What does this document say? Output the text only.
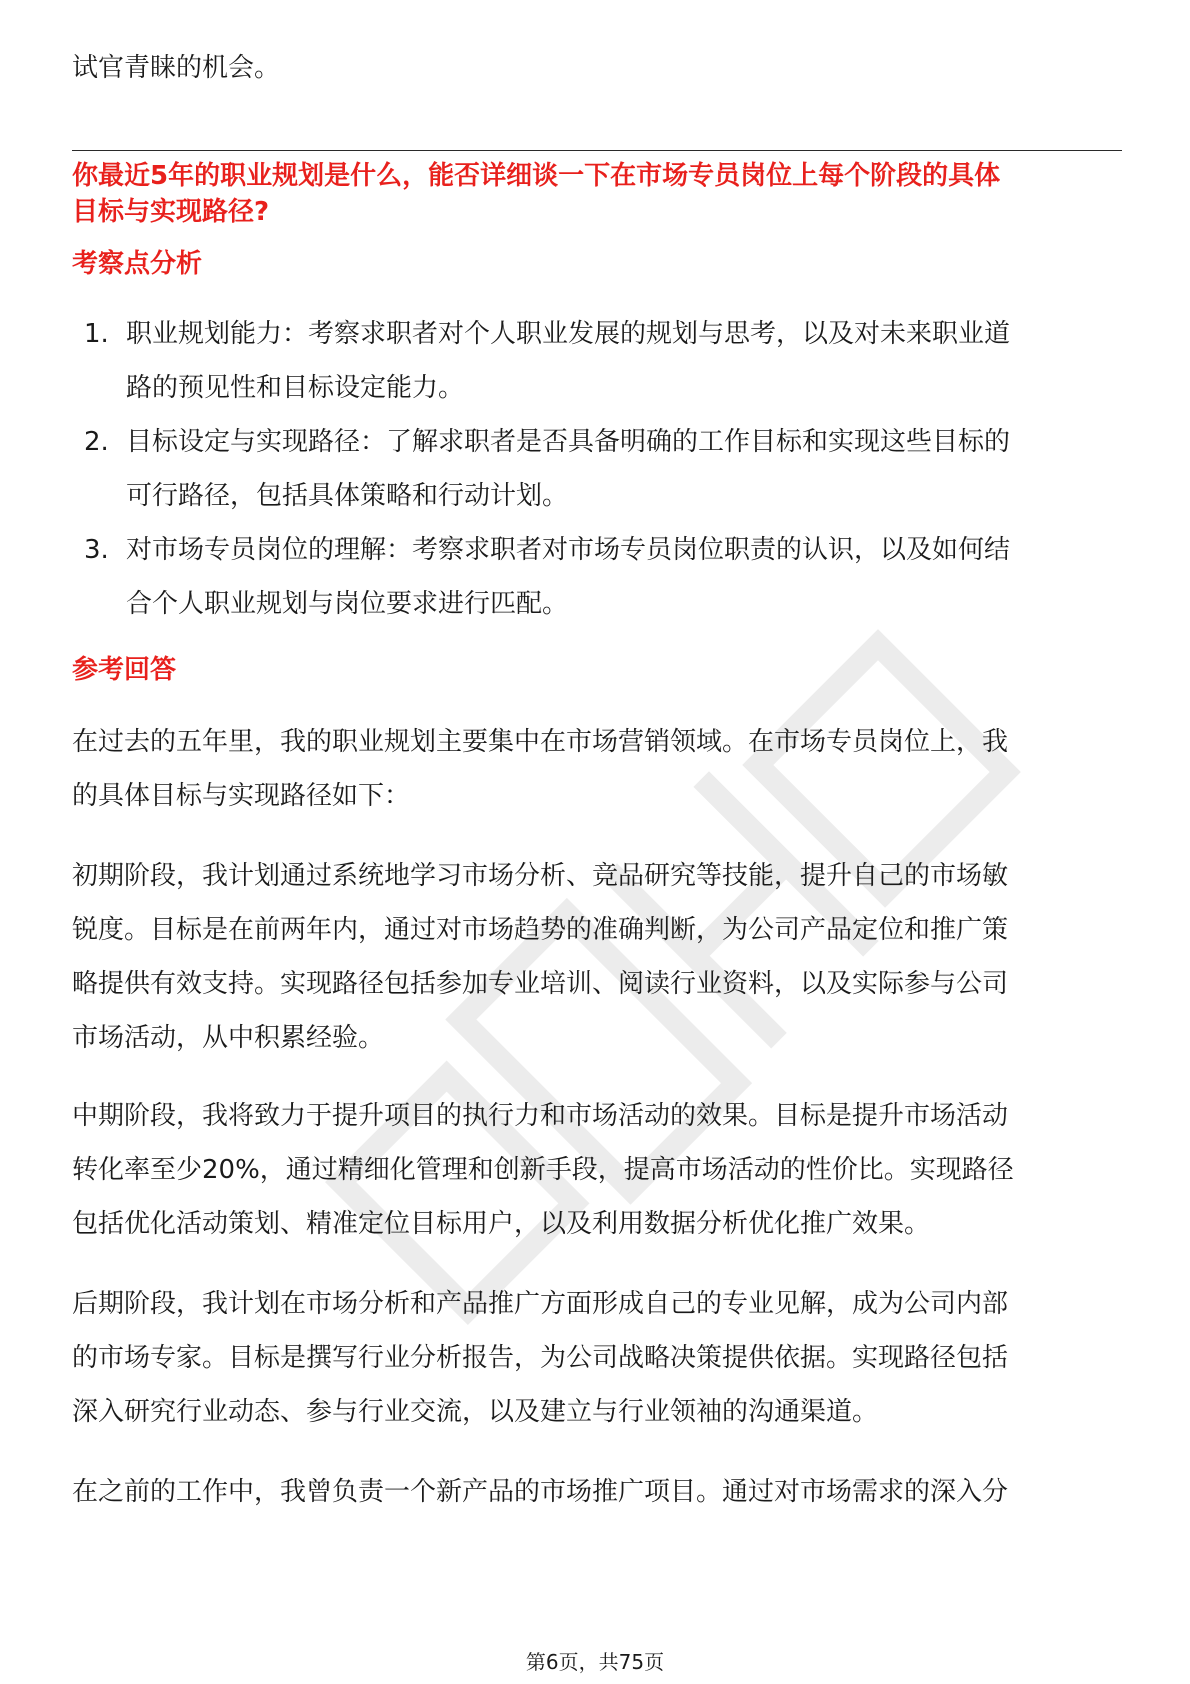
试官青睐的机会。
你最近5年的职业规划是什么，能否详细谈一下在市场专员岗位上每个阶段的具体
目标与实现路径?
考察点分析
1. 职业规划能力：考察求职者对个人职业发展的规划与思考，以及对未来职业道
路的预见性和目标设定能力。
2. 目标设定与实现路径：了解求职者是否具备明确的工作目标和实现这些目标的
可行路径，包括具体策略和行动计划。
3. 对市场专员岗位的理解：考察求职者对市场专员岗位职责的认识，以及如何结
合个人职业规划与岗位要求进行匹配。
参考回答
在过去的五年里，我的职业规划主要集中在市场营销领域。在市场专员岗位上，我
的具体目标与实现路径如下：
初期阶段，我计划通过系统地学习市场分析、竞品研究等技能，提升自己的市场敏
锐度。目标是在前两年内，通过对市场趋势的准确判断，为公司产品定位和推广策
略提供有效支持。实现路径包括参加专业培训、阅读行业资料，以及实际参与公司
市场活动，从中积累经验。
中期阶段，我将致力于提升项目的执行力和市场活动的效果。目标是提升市场活动
转化率至少20%，通过精细化管理和创新手段，提高市场活动的性价比。实现路径
包括优化活动策划、精准定位目标用户，以及利用数据分析优化推广效果。
后期阶段，我计划在市场分析和产品推广方面形成自己的专业见解，成为公司内部
的市场专家。目标是撰写行业分析报告，为公司战略决策提供依据。实现路径包括
深入研究行业动态、参与行业交流，以及建立与行业领袖的沟通渠道。
在之前的工作中，我曾负责一个新产品的市场推广项目。通过对市场需求的深入分
第6页，共75页
